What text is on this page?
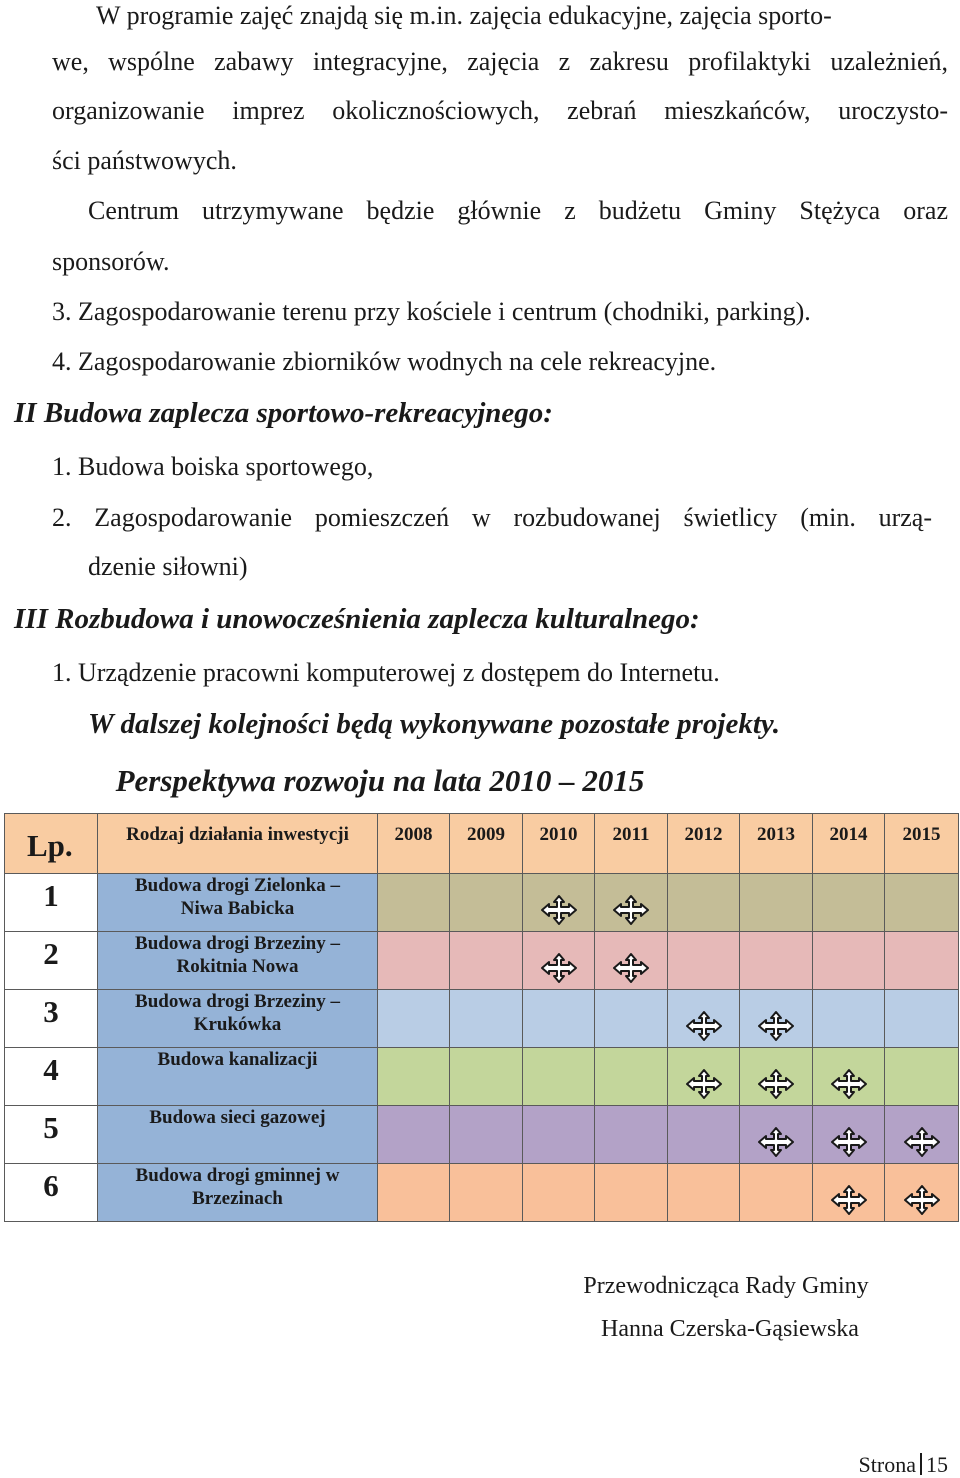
W programie zajęć znajdą się m.in. zajęcia edukacyjne, zajęcia sporto-
we, wspólne zabawy integracyjne, zajęcia z zakresu profilaktyki uzależnień,
organizowanie imprez okolicznościowych, zebrań mieszkańców, uroczysto-
ści państwowych.
Centrum utrzymywane będzie głównie z budżetu Gminy Stężyca oraz
sponsorów.
3. Zagospodarowanie terenu przy kościele i centrum (chodniki, parking).
4. Zagospodarowanie zbiorników wodnych na cele rekreacyjne.
II Budowa zaplecza sportowo-rekreacyjnego:
1. Budowa boiska sportowego,
2. Zagospodarowanie pomieszczeń w rozbudowanej świetlicy (min. urzą-
dzenie siłowni)
III Rozbudowa i unowocześnienia zaplecza kulturalnego:
1. Urządzenie pracowni komputerowej z dostępem do Internetu.
W dalszej kolejności będą wykonywane pozostałe projekty.
Perspektywa rozwoju na lata 2010 – 2015
Lp.	Rodzaj działania inwestycji	2008	2009	2010	2011	2012	2013	2014	2015
1	Budowa drogi Zielonka –
Niwa Babicka

2	Budowa drogi Brzeziny –
Rokitnia Nowa

3	Budowa drogi Brzeziny –
Krukówka

4	Budowa kanalizacji

5	Budowa sieci gazowej

6	Budowa drogi gminnej w
Brzezinach

Przewodnicząca Rady Gminy
Hanna Czerska-Gąsiewska
Strona 15
